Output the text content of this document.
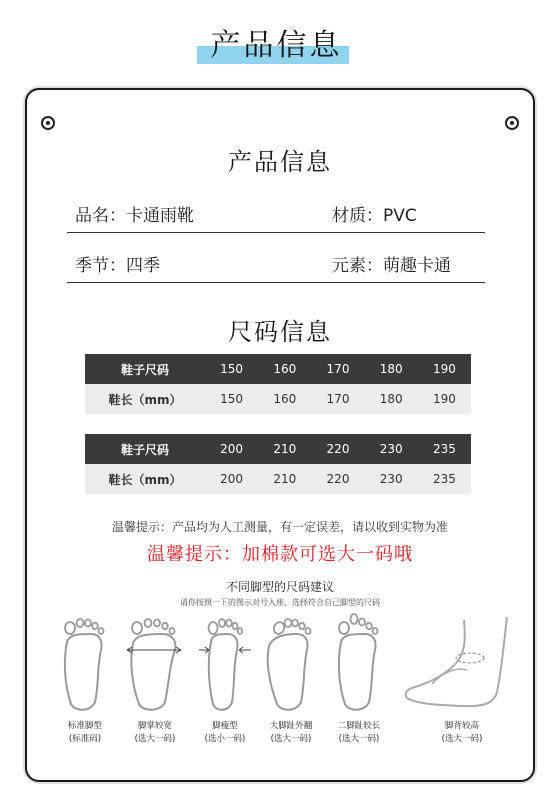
产品信息
产品信息
品名：卡通雨靴	材质：PVC
季节：四季	元素：萌趣卡通
尺码信息
鞋子尺码	150	160	170	180	190
鞋长（mm）	150	160	170	180	190
鞋子尺码	200	210	220	230	235
鞋长（mm）	200	210	220	230	235
温馨提示：产品均为人工测量，有一定误差，请以收到实物为准
温馨提示：加棉款可选大一码哦
不同脚型的尺码建议
请你按照一下的图示对号入座，选择符合自己脚型的尺码
标准脚型
(标准码)
脚掌较宽
(选大一码)
脚瘦型
(选小一码)
大脚趾外翻
(选大一码)
二脚趾较长
(选大一码)
脚背较高
(选大一码)
